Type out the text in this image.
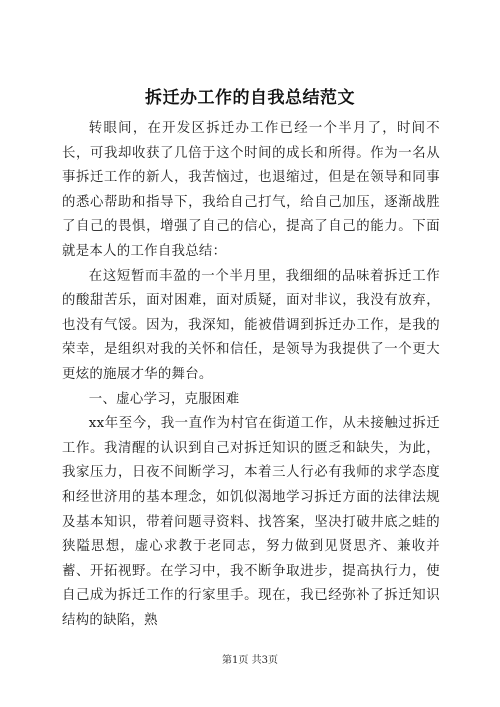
拆迁办工作的自我总结范文

转眼间，在开发区拆迁办工作已经一个半月了，时间不长，可我却收获了几倍于这个时间的成长和所得。作为一名从事拆迁工作的新人，我苦恼过，也退缩过，但是在领导和同事的悉心帮助和指导下，我给自己打气，给自己加压，逐渐战胜了自己的畏惧，增强了自己的信心，提高了自己的能力。下面就是本人的工作自我总结：

在这短暂而丰盈的一个半月里，我细细的品味着拆迁工作的酸甜苦乐，面对困难，面对质疑，面对非议，我没有放弃，也没有气馁。因为，我深知，能被借调到拆迁办工作，是我的荣幸，是组织对我的关怀和信任，是领导为我提供了一个更大更炫的施展才华的舞台。

一、虚心学习，克服困难

xx年至今，我一直作为村官在街道工作，从未接触过拆迁工作。我清醒的认识到自己对拆迁知识的匮乏和缺失，为此，我家压力，日夜不间断学习，本着三人行必有我师的求学态度和经世济用的基本理念，如饥似渴地学习拆迁方面的法律法规及基本知识，带着问题寻资料、找答案，坚决打破井底之蛙的狭隘思想，虚心求教于老同志，努力做到见贤思齐、兼收并蓄、开拓视野。在学习中，我不断争取进步，提高执行力，使自己成为拆迁工作的行家里手。现在，我已经弥补了拆迁知识结构的缺陷，熟

第1页 共3页
